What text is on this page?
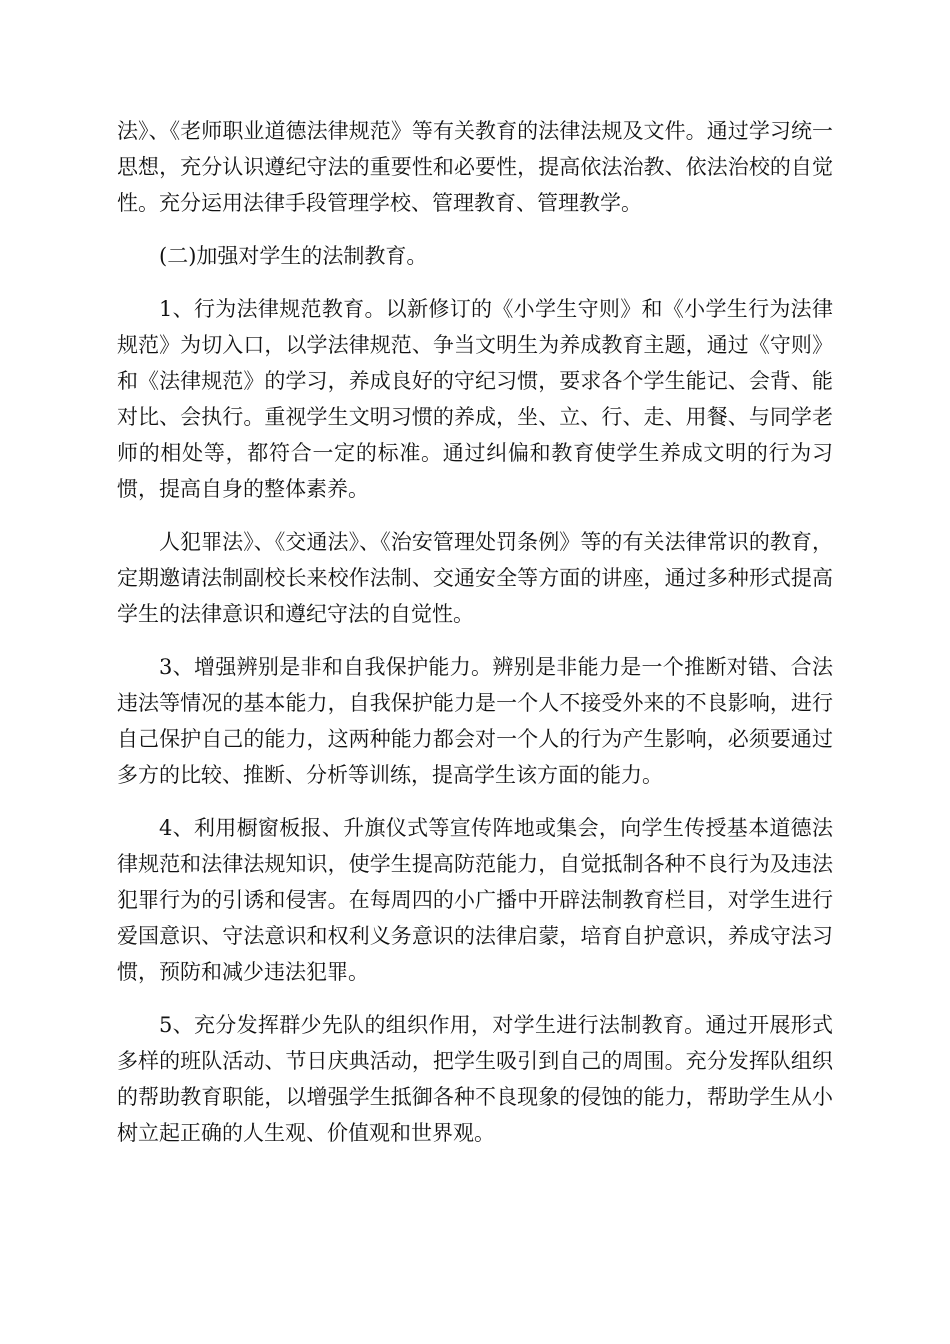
法》、《老师职业道德法律规范》等有关教育的法律法规及文件。通过学习统一思想，充分认识遵纪守法的重要性和必要性，提高依法治教、依法治校的自觉性。充分运用法律手段管理学校、管理教育、管理教学。

(二)加强对学生的法制教育。

1、行为法律规范教育。以新修订的《小学生守则》和《小学生行为法律规范》为切入口，以学法律规范、争当文明生为养成教育主题，通过《守则》和《法律规范》的学习，养成良好的守纪习惯，要求各个学生能记、会背、能对比、会执行。重视学生文明习惯的养成，坐、立、行、走、用餐、与同学老师的相处等，都符合一定的标准。通过纠偏和教育使学生养成文明的行为习惯，提高自身的整体素养。

人犯罪法》、《交通法》、《治安管理处罚条例》等的有关法律常识的教育，定期邀请法制副校长来校作法制、交通安全等方面的讲座，通过多种形式提高学生的法律意识和遵纪守法的自觉性。

3、增强辨别是非和自我保护能力。辨别是非能力是一个推断对错、合法违法等情况的基本能力，自我保护能力是一个人不接受外来的不良影响，进行自己保护自己的能力，这两种能力都会对一个人的行为产生影响，必须要通过多方的比较、推断、分析等训练，提高学生该方面的能力。

4、利用橱窗板报、升旗仪式等宣传阵地或集会，向学生传授基本道德法律规范和法律法规知识，使学生提高防范能力，自觉抵制各种不良行为及违法犯罪行为的引诱和侵害。在每周四的小广播中开辟法制教育栏目，对学生进行爱国意识、守法意识和权利义务意识的法律启蒙，培育自护意识，养成守法习惯，预防和减少违法犯罪。

5、充分发挥群少先队的组织作用，对学生进行法制教育。通过开展形式多样的班队活动、节日庆典活动，把学生吸引到自己的周围。充分发挥队组织的帮助教育职能，以增强学生抵御各种不良现象的侵蚀的能力，帮助学生从小树立起正确的人生观、价值观和世界观。
